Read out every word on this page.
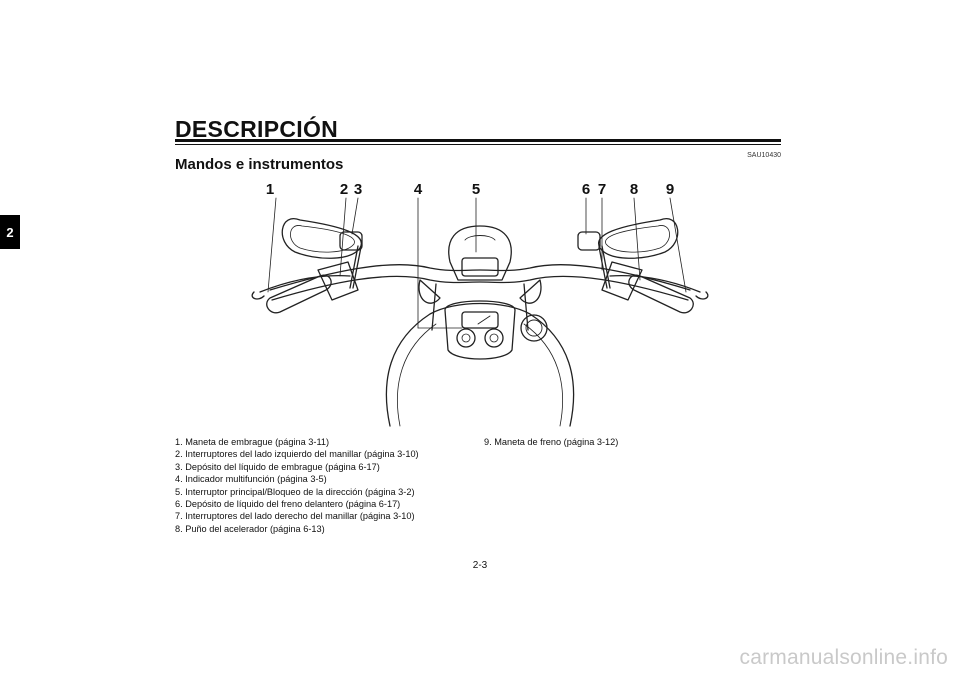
2
DESCRIPCIÓN
SAU10430
Mandos e instrumentos
1	2 3	4	5	6 7 8 9
1. Maneta de embrague (página 3-11)
2. Interruptores del lado izquierdo del manillar (página 3-10)
3. Depósito del líquido de embrague (página 6-17)
4. Indicador multifunción (página 3-5)
5. Interruptor principal/Bloqueo de la dirección (página 3-2)
6. Depósito de líquido del freno delantero (página 6-17)
7. Interruptores del lado derecho del manillar (página 3-10)
8. Puño del acelerador (página 6-13)
9. Maneta de freno (página 3-12)
2-3
carmanualsonline.info
